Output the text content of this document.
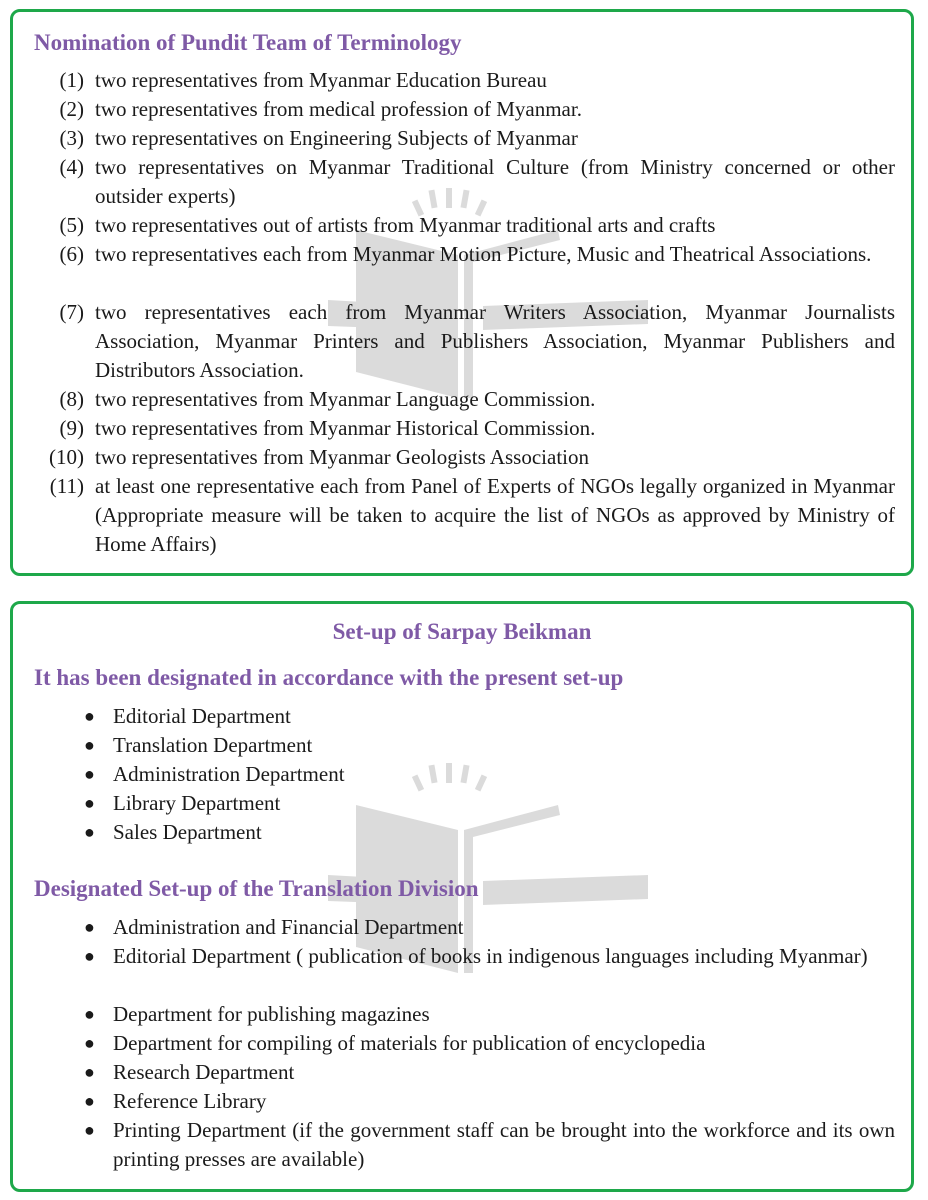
Nomination of Pundit Team of Terminology
(1) two representatives from Myanmar Education Bureau
(2) two representatives from medical profession of Myanmar.
(3) two representatives on Engineering Subjects of Myanmar
(4) two representatives on Myanmar Traditional Culture (from Ministry concerned or other outsider experts)
(5) two representatives out of artists from Myanmar traditional arts and crafts
(6) two representatives each from Myanmar Motion Picture, Music and Theatrical Associations.
(7) two representatives each from Myanmar Writers Association, Myanmar Journalists Association, Myanmar Printers and Publishers Association, Myanmar Publishers and Distributors Association.
(8) two representatives from Myanmar Language Commission.
(9) two representatives from Myanmar Historical Commission.
(10) two representatives from Myanmar Geologists Association
(11) at least one representative each from Panel of Experts of NGOs legally organized in Myanmar (Appropriate measure will be taken to acquire the list of NGOs as approved by Ministry of Home Affairs)
Set-up of Sarpay Beikman
It has been designated in accordance with the present set-up
● Editorial Department
● Translation Department
● Administration Department
● Library Department
● Sales Department
Designated Set-up of the Translation Division
● Administration and Financial Department
● Editorial Department ( publication of books in indigenous languages including Myanmar)
● Department for publishing magazines
● Department for compiling of materials for publication of encyclopedia
● Research Department
● Reference Library
● Printing Department (if the government staff can be brought into the workforce and its own printing presses are available)
